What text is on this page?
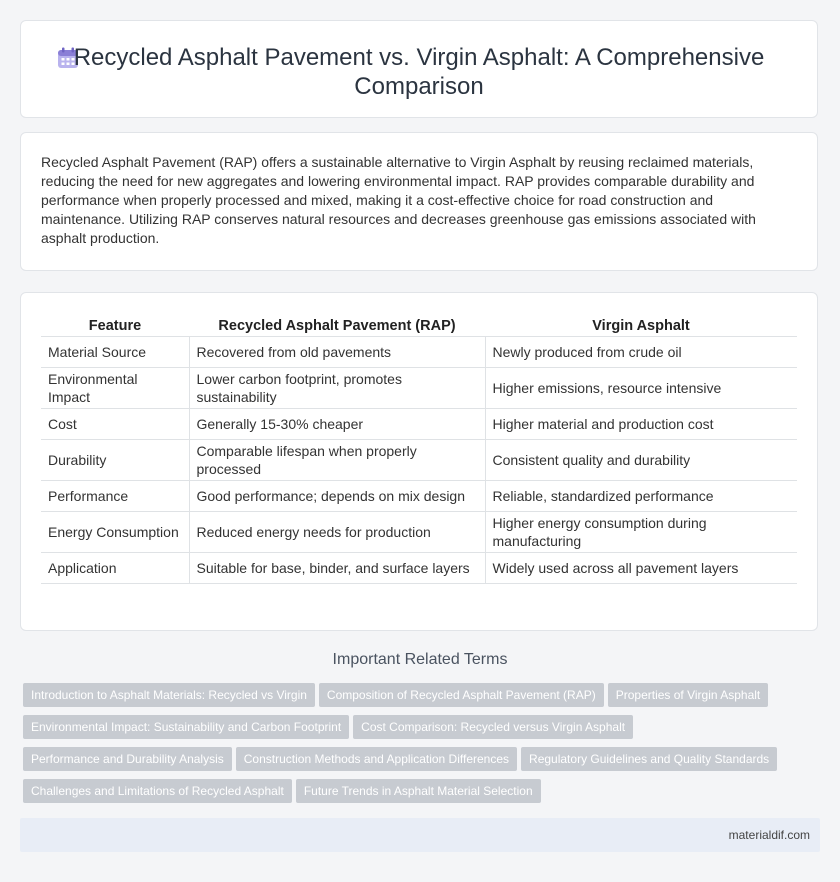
Recycled Asphalt Pavement vs. Virgin Asphalt: A Comprehensive Comparison
Recycled Asphalt Pavement (RAP) offers a sustainable alternative to Virgin Asphalt by reusing reclaimed materials, reducing the need for new aggregates and lowering environmental impact. RAP provides comparable durability and performance when properly processed and mixed, making it a cost-effective choice for road construction and maintenance. Utilizing RAP conserves natural resources and decreases greenhouse gas emissions associated with asphalt production.
Feature	Recycled Asphalt Pavement (RAP)	Virgin Asphalt
Material Source	Recovered from old pavements	Newly produced from crude oil
Environmental Impact	Lower carbon footprint, promotes sustainability	Higher emissions, resource intensive
Cost	Generally 15-30% cheaper	Higher material and production cost
Durability	Comparable lifespan when properly processed	Consistent quality and durability
Performance	Good performance; depends on mix design	Reliable, standardized performance
Energy Consumption	Reduced energy needs for production	Higher energy consumption during manufacturing
Application	Suitable for base, binder, and surface layers	Widely used across all pavement layers
Important Related Terms
Introduction to Asphalt Materials: Recycled vs Virgin Composition of Recycled Asphalt Pavement (RAP) Properties of Virgin Asphalt
Environmental Impact: Sustainability and Carbon Footprint Cost Comparison: Recycled versus Virgin Asphalt
Performance and Durability Analysis Construction Methods and Application Differences Regulatory Guidelines and Quality Standards
Challenges and Limitations of Recycled Asphalt Future Trends in Asphalt Material Selection
materialdif.com
